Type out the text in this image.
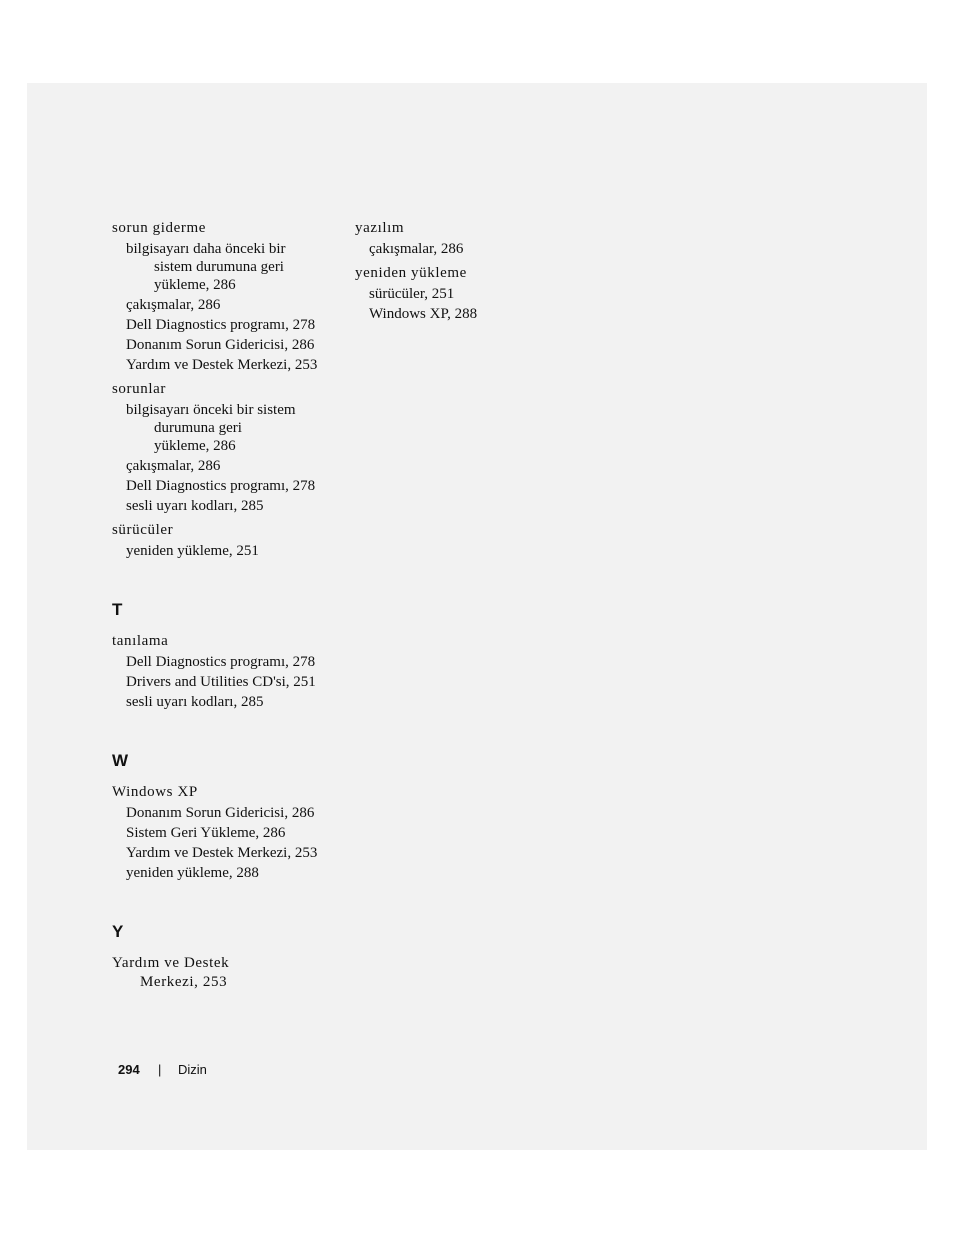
sorun giderme
bilgisayarı daha önceki bir
sistem durumuna geri
yükleme, 286
çakışmalar, 286
Dell Diagnostics programı, 278
Donanım Sorun Gidericisi, 286
Yardım ve Destek Merkezi, 253
sorunlar
bilgisayarı önceki bir sistem
durumuna geri
yükleme, 286
çakışmalar, 286
Dell Diagnostics programı, 278
sesli uyarı kodları, 285
sürücüler
yeniden yükleme, 251
T
tanılama
Dell Diagnostics programı, 278
Drivers and Utilities CD'si, 251
sesli uyarı kodları, 285
W
Windows XP
Donanım Sorun Gidericisi, 286
Sistem Geri Yükleme, 286
Yardım ve Destek Merkezi, 253
yeniden yükleme, 288
Y
Yardım ve Destek
Merkezi, 253
yazılım
çakışmalar, 286
yeniden yükleme
sürücüler, 251
Windows XP, 288
294	|	Dizin
